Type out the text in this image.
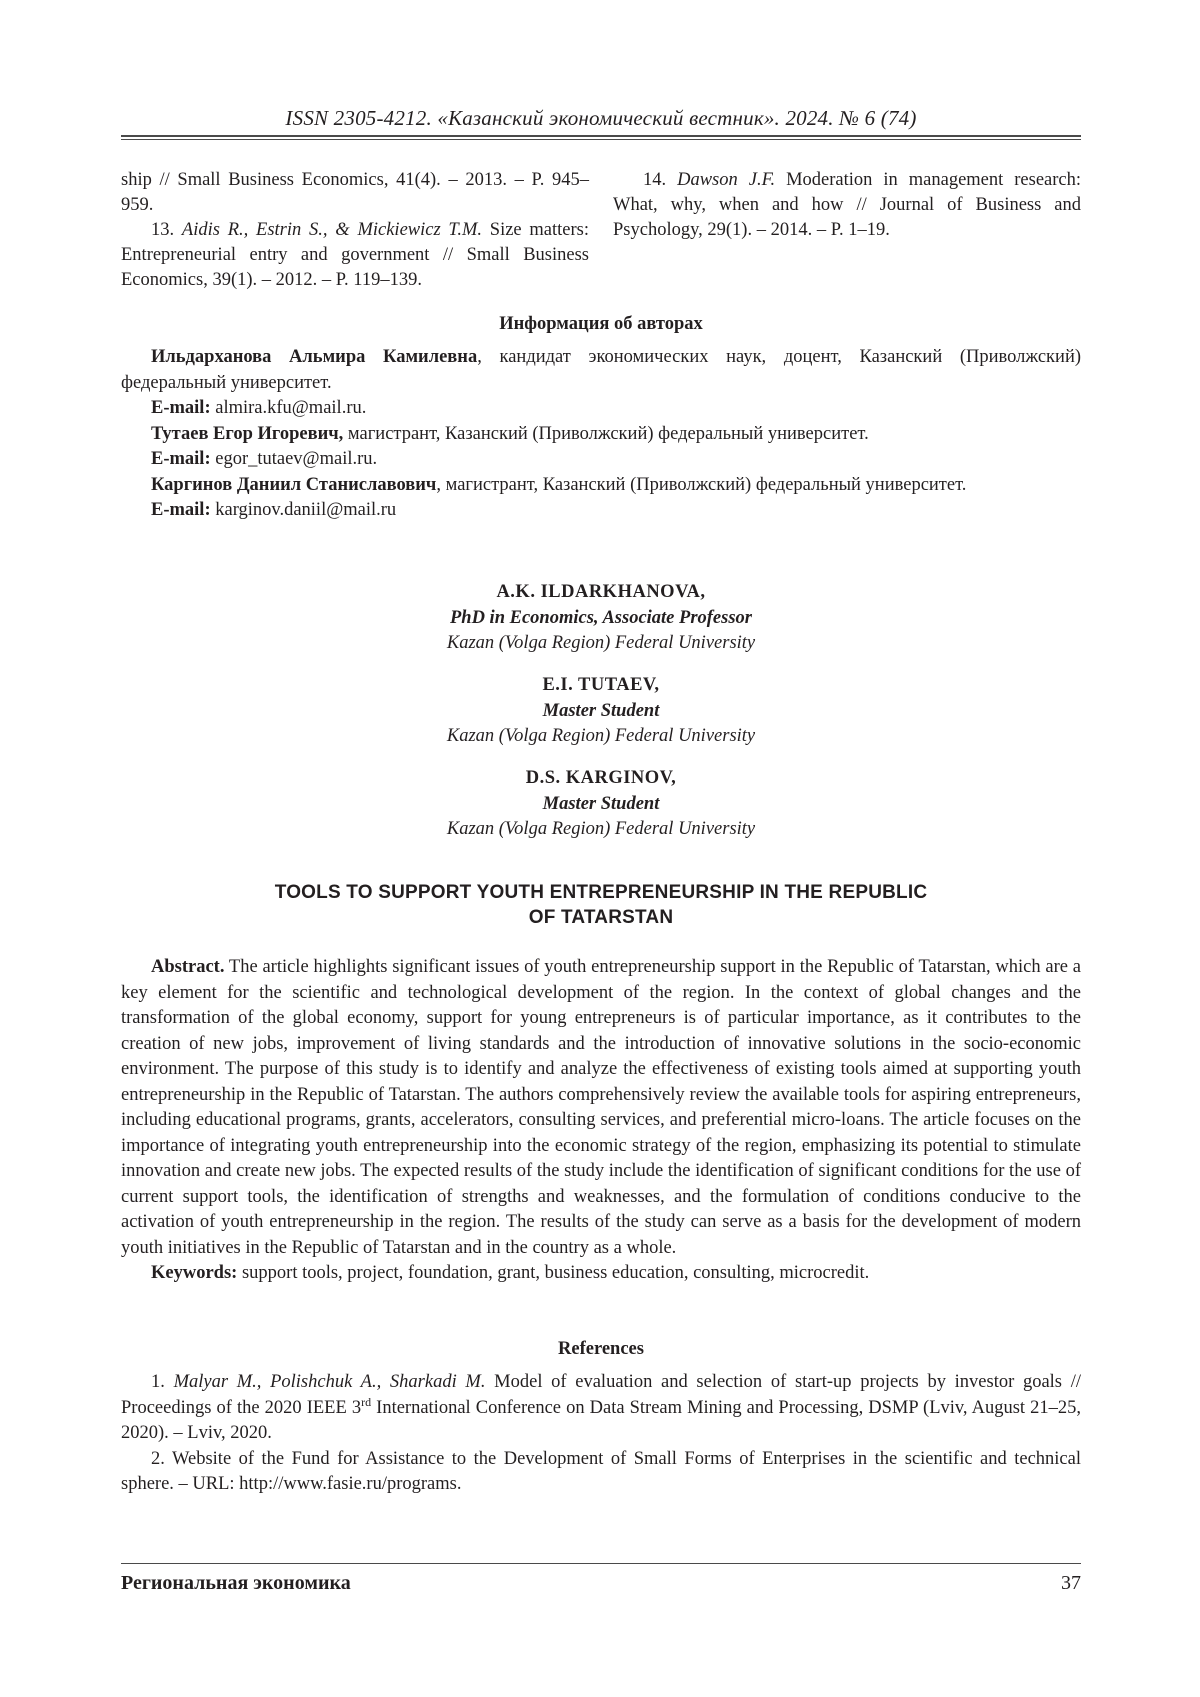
ISSN 2305-4212. «Казанский экономический вестник». 2024. № 6 (74)

ship // Small Business Economics, 41(4). – 2013. – P. 945–959.

13. Aidis R., Estrin S., & Mickiewicz T.M. Size matters: Entrepreneurial entry and government // Small Business Economics, 39(1). – 2012. – P. 119–139.

14. Dawson J.F. Moderation in management research: What, why, when and how // Journal of Business and Psychology, 29(1). – 2014. – P. 1–19.

Информация об авторах

Ильдарханова Альмира Камилевна, кандидат экономических наук, доцент, Казанский (Приволжский) федеральный университет.

E-mail: almira.kfu@mail.ru.

Тутаев Егор Игоревич, магистрант, Казанский (Приволжский) федеральный университет.

E-mail: egor_tutaev@mail.ru.

Каргинов Даниил Станиславович, магистрант, Казанский (Приволжский) федеральный университет.

E-mail: karginov.daniil@mail.ru

A.K. ILDARKHANOVA,
PhD in Economics, Associate Professor
Kazan (Volga Region) Federal University
E.I. TUTAEV,
Master Student
Kazan (Volga Region) Federal University
D.S. KARGINOV,
Master Student
Kazan (Volga Region) Federal University
TOOLS TO SUPPORT YOUTH ENTREPRENEURSHIP IN THE REPUBLIC
OF TATARSTAN

Abstract. The article highlights significant issues of youth entrepreneurship support in the Republic of Tatarstan, which are a key element for the scientific and technological development of the region. In the context of global changes and the transformation of the global economy, support for young entrepreneurs is of particular importance, as it contributes to the creation of new jobs, improvement of living standards and the introduction of innovative solutions in the socio-economic environment. The purpose of this study is to identify and analyze the effectiveness of existing tools aimed at supporting youth entrepreneurship in the Republic of Tatarstan. The authors comprehensively review the available tools for aspiring entrepreneurs, including educational programs, grants, accelerators, consulting services, and preferential micro-loans. The article focuses on the importance of integrating youth entrepreneurship into the economic strategy of the region, emphasizing its potential to stimulate innovation and create new jobs. The expected results of the study include the identification of significant conditions for the use of current support tools, the identification of strengths and weaknesses, and the formulation of conditions conducive to the activation of youth entrepreneurship in the region. The results of the study can serve as a basis for the development of modern youth initiatives in the Republic of Tatarstan and in the country as a whole.

Keywords: support tools, project, foundation, grant, business education, consulting, microcredit.

References

1. Malyar M., Polishchuk A., Sharkadi M. Model of evaluation and selection of start-up projects by investor goals // Proceedings of the 2020 IEEE 3rd International Conference on Data Stream Mining and Processing, DSMP (Lviv, August 21–25, 2020). – Lviv, 2020.

2. Website of the Fund for Assistance to the Development of Small Forms of Enterprises in the scientific and technical sphere. – URL: http://www.fasie.ru/programs.

Региональная экономика	37
